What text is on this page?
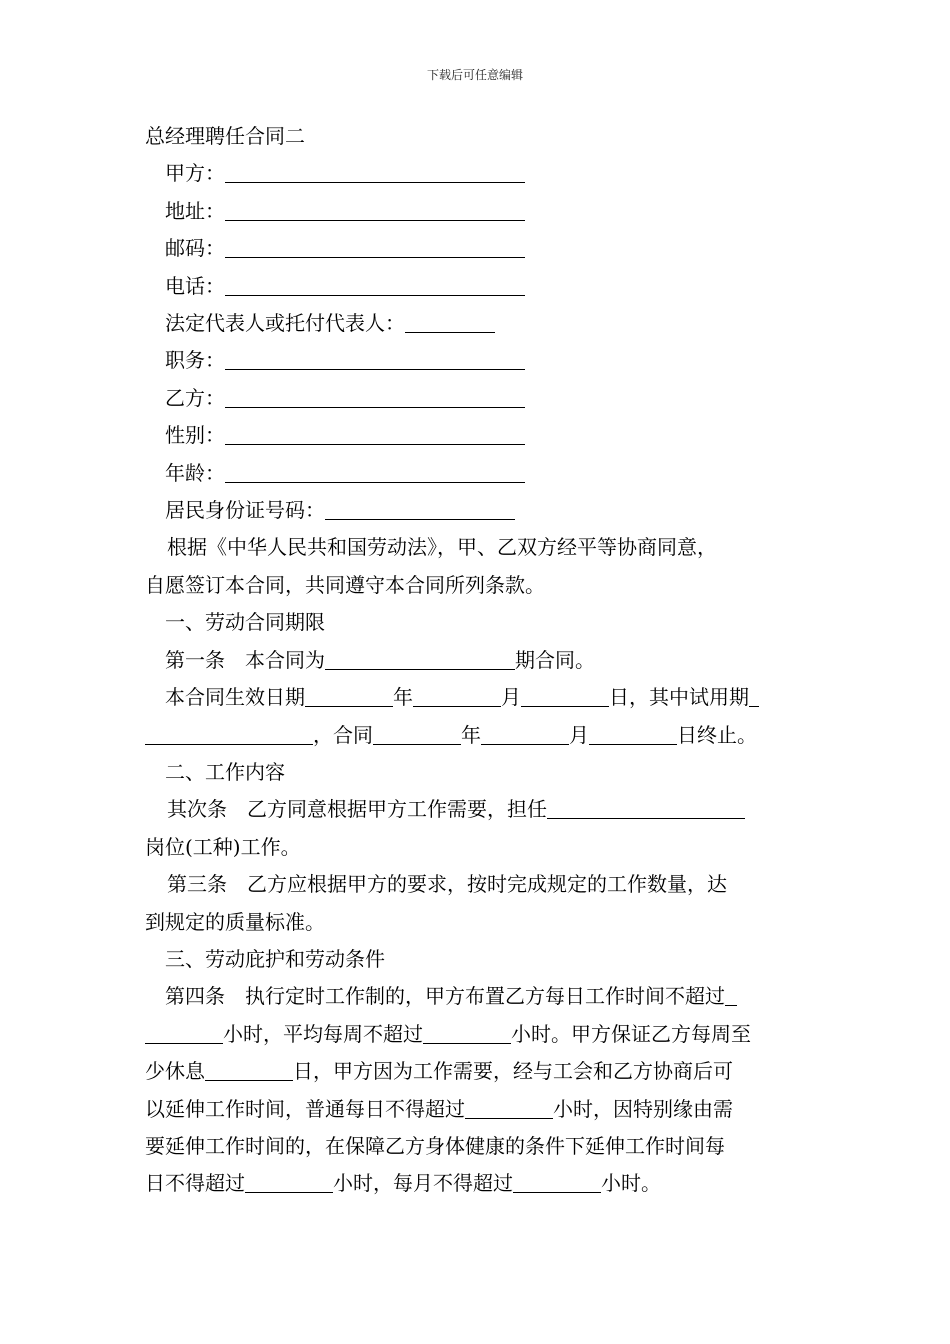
下载后可任意编辑
总经理聘任合同二
甲方：
地址：
邮码：
电话：
法定代表人或托付代表人：
职务：
乙方：
性别：
年龄：
居民身份证号码：
根据《中华人民共和国劳动法》，甲、乙双方经平等协商同意，
自愿签订本合同，共同遵守本合同所列条款。
一、劳动合同期限
第一条　本合同为	期合同。
本合同生效日期	年	月	日，其中试用期
，合同	年	月	日终止。
二、工作内容
其次条　乙方同意根据甲方工作需要，担任
岗位(工种)工作。
第三条　乙方应根据甲方的要求，按时完成规定的工作数量，达
到规定的质量标准。
三、劳动庇护和劳动条件
第四条　执行定时工作制的，甲方布置乙方每日工作时间不超过
小时，平均每周不超过	小时。甲方保证乙方每周至
少休息	日，甲方因为工作需要，经与工会和乙方协商后可
以延伸工作时间，普通每日不得超过	小时，因特别缘由需
要延伸工作时间的，在保障乙方身体健康的条件下延伸工作时间每
日不得超过	小时，每月不得超过	小时。
